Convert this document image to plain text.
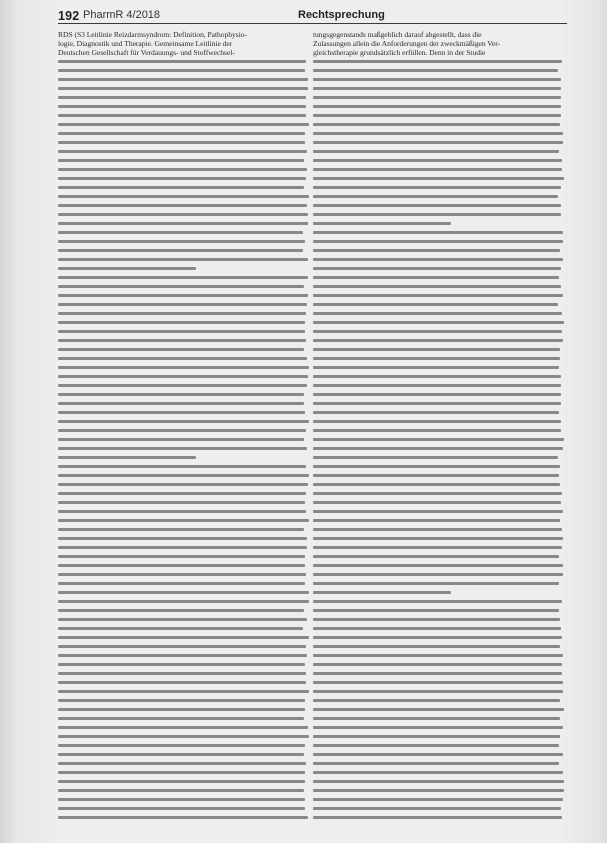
192 PharmR 4/2018	Rechtsprechung
RDS (S3 Leitlinie Reizdarmsyndrom: Definition, Pathophysio-
logie, Diagnostik und Therapie. Gemeinsame Leitlinie der
Deutschen Gesellschaft für Verdauungs- und Stoffwechsel-
tungsgegenstands maßgeblich darauf abgestellt, dass die
Zulassungen allein die Anforderungen der zweckmäßigen Ver-
gleichstherapie grundsätzlich erfüllen. Denn in der Studie
